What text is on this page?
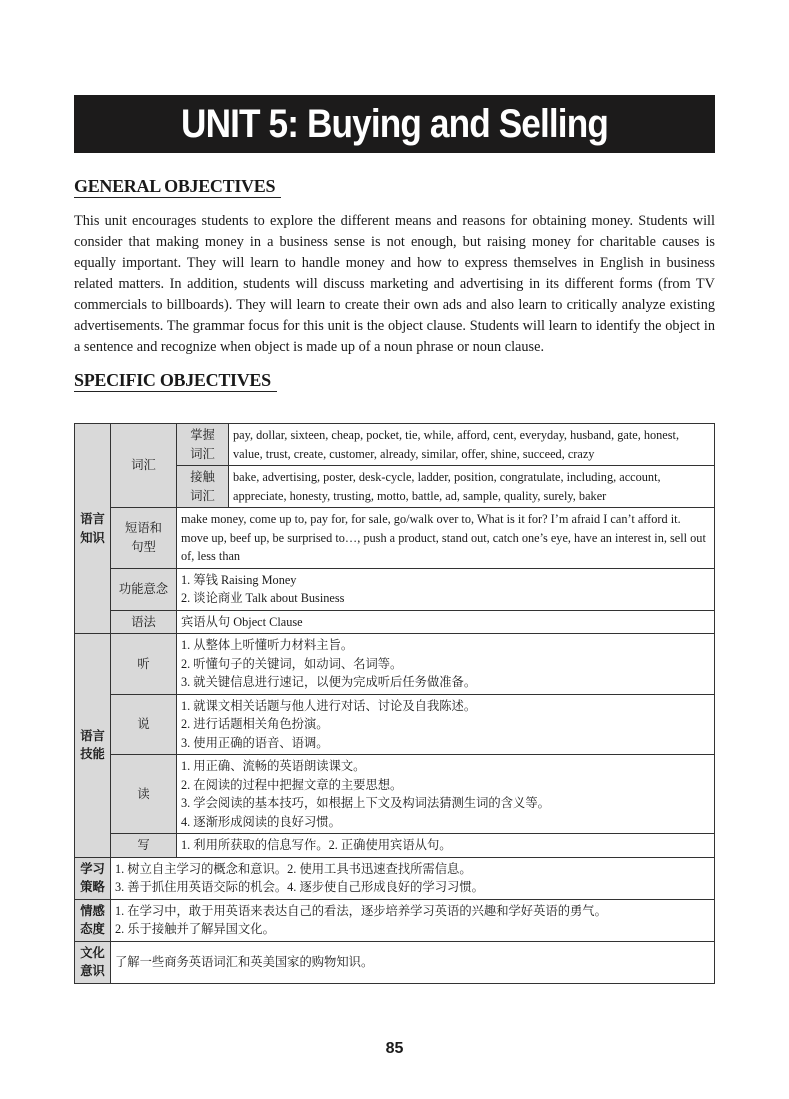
UNIT 5: Buying and Selling
GENERAL OBJECTIVES

This unit encourages students to explore the different means and reasons for obtaining money. Students will consider that making money in a business sense is not enough, but raising money for charitable causes is equally important. They will learn to handle money and how to express themselves in English in business related matters. In addition, students will discuss marketing and advertising in its different forms (from TV commercials to billboards). They will learn to create their own ads and also learn to critically analyze existing advertisements. The grammar focus for this unit is the object clause. Students will learn to identify the object in a sentence and recognize when object is made up of a noun phrase or noun clause.

SPECIFIC OBJECTIVES
语言
知识	词汇	掌握
词汇	pay, dollar, sixteen, cheap, pocket, tie, while, afford, cent, everyday, husband, gate, honest, value, trust, create, customer, already, similar, offer, shine, succeed, crazy

		接触
词汇	bake, advertising, poster, desk-cycle, ladder, position, congratulate, including, account, appreciate, honesty, trusting, motto, battle, ad, sample, quality, surely, baker

	短语和
句型	make money, come up to, pay for, for sale, go/walk over to, What is it for? I’m afraid I can’t afford it. move up, beef up, be surprised to…, push a product, stand out, catch one’s eye, have an interest in, sell out of, less than	
	功能意念	1. 筹钱 Raising Money
2. 谈论商业 Talk about Business	

	语法	宾语从句 Object Clause	

语言
技能	听	1. 从整体上听懂听力材料主旨。
2. 听懂句子的关键词，如动词、名词等。
3. 就关键信息进行速记，以便为完成听后任务做准备。	

	说	1. 就课文相关话题与他人进行对话、讨论及自我陈述。
2. 进行话题相关角色扮演。
3. 使用正确的语音、语调。	

	读	1. 用正确、流畅的英语朗读课文。
2. 在阅读的过程中把握文章的主要思想。
3. 学会阅读的基本技巧，如根据上下文及构词法猜测生词的含义等。
4. 逐渐形成阅读的良好习惯。	

	写	1. 利用所获取的信息写作。2. 正确使用宾语从句。	

学习
策略	1. 树立自主学习的概念和意识。2. 使用工具书迅速查找所需信息。
3. 善于抓住用英语交际的机会。4. 逐步使自己形成良好的学习习惯。		

情感
态度	1. 在学习中，敢于用英语来表达自己的看法，逐步培养学习英语的兴趣和学好英语的勇气。
2. 乐于接触并了解异国文化。		

文化
意识	了解一些商务英语词汇和英美国家的购物知识。		
85
